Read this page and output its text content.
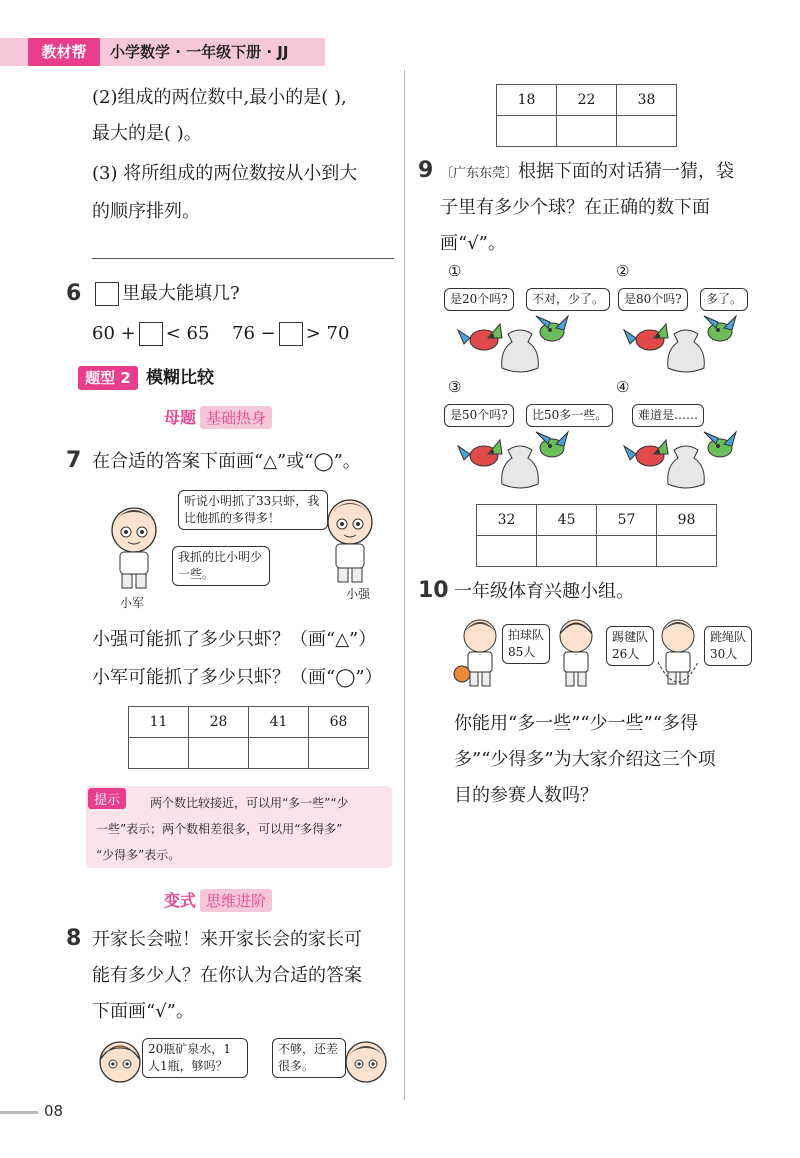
教材帮	小学数学 · 一年级下册 · JJ
(2)组成的两位数中,最小的是( ),
最大的是( )。
(3) 将所组成的两位数按从小到大
的顺序排列。
6	里最大能填几?
60 + < 65 76 − > 70
题型 2 模糊比较
母题 基础热身
7 在合适的答案下面画“△”或“◯”。
听说小明抓了33只虾，我比他抓的多得多！
我抓的比小明少一些。
小军
小强
小强可能抓了多少只虾？（画“△”）
小军可能抓了多少只虾？（画“◯”）
11	28	41	68

提示	两个数比较接近，可以用“多一些”“少
一些”表示；两个数相差很多，可以用“多得多”
“少得多”表示。
变式 思维进阶
8 开家长会啦！来开家长会的家长可
能有多少人？在你认为合适的答案
下面画“√”。
20瓶矿泉水，1人1瓶，够吗？
不够，还差很多。
18	22	38

9 〔广东东莞〕根据下面的对话猜一猜，袋
子里有多少个球？在正确的数下面
画“√”。
①	②
③	④
是20个吗?	不对，少了。	是80个吗?	多了。
是50个吗?	比50多一些。	难道是……
32	45	57	98

10 一年级体育兴趣小组。
拍球队
85人
踢毽队
26人
跳绳队
30人
你能用“多一些”“少一些”“多得
多”“少得多”为大家介绍这三个项
目的参赛人数吗？
08
